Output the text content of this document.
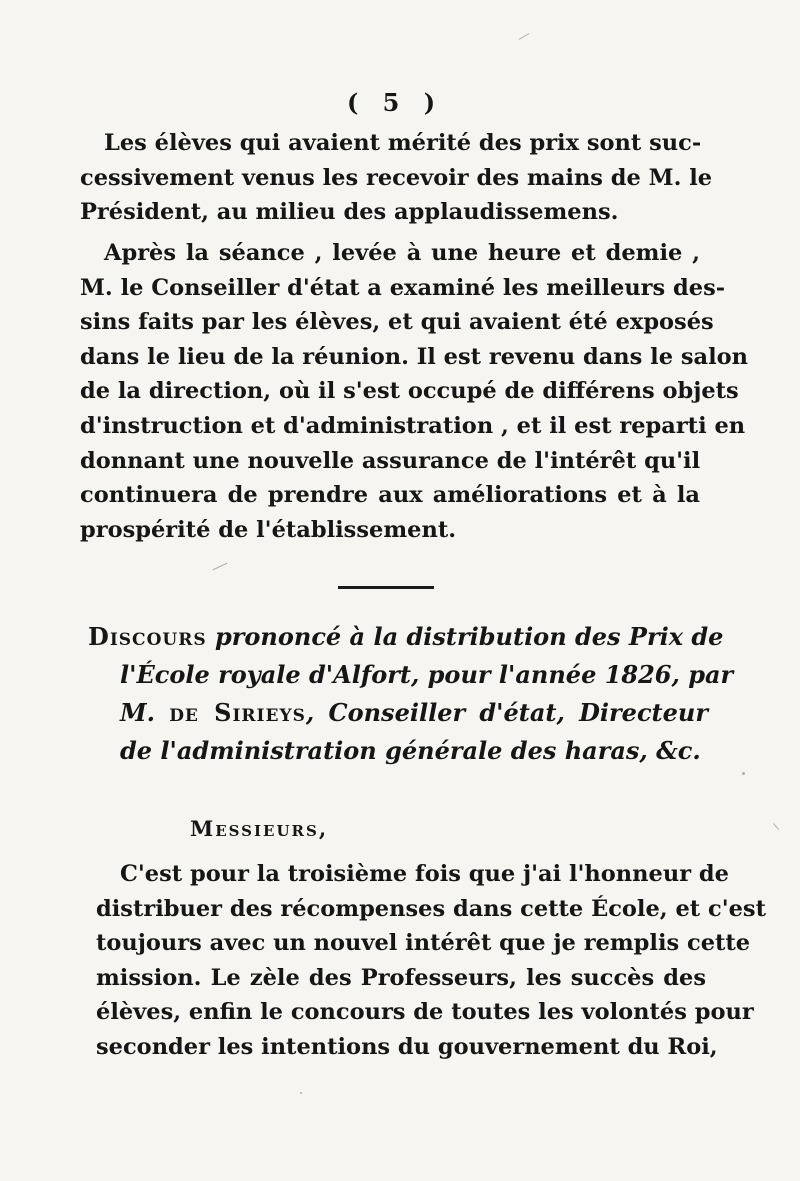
( 5 )
Les élèves qui avaient mérité des prix sont suc-
cessivement venus les recevoir des mains de M. le
Président, au milieu des applaudissemens.
Après la séance , levée à une heure et demie ,
M. le Conseiller d'état a examiné les meilleurs des-
sins faits par les élèves, et qui avaient été exposés
dans le lieu de la réunion. Il est revenu dans le salon
de la direction, où il s'est occupé de différens objets
d'instruction et d'administration , et il est reparti en
donnant une nouvelle assurance de l'intérêt qu'il
continuera de prendre aux améliorations et à la
prospérité de l'établissement.
Discours prononcé à la distribution des Prix de
l'École royale d'Alfort, pour l'année 1826, par
M. de Sirieys, Conseiller d'état, Directeur
de l'administration générale des haras, &c.
Messieurs,
C'est pour la troisième fois que j'ai l'honneur de
distribuer des récompenses dans cette École, et c'est
toujours avec un nouvel intérêt que je remplis cette
mission. Le zèle des Professeurs, les succès des
élèves, enfin le concours de toutes les volontés pour
seconder les intentions du gouvernement du Roi,
